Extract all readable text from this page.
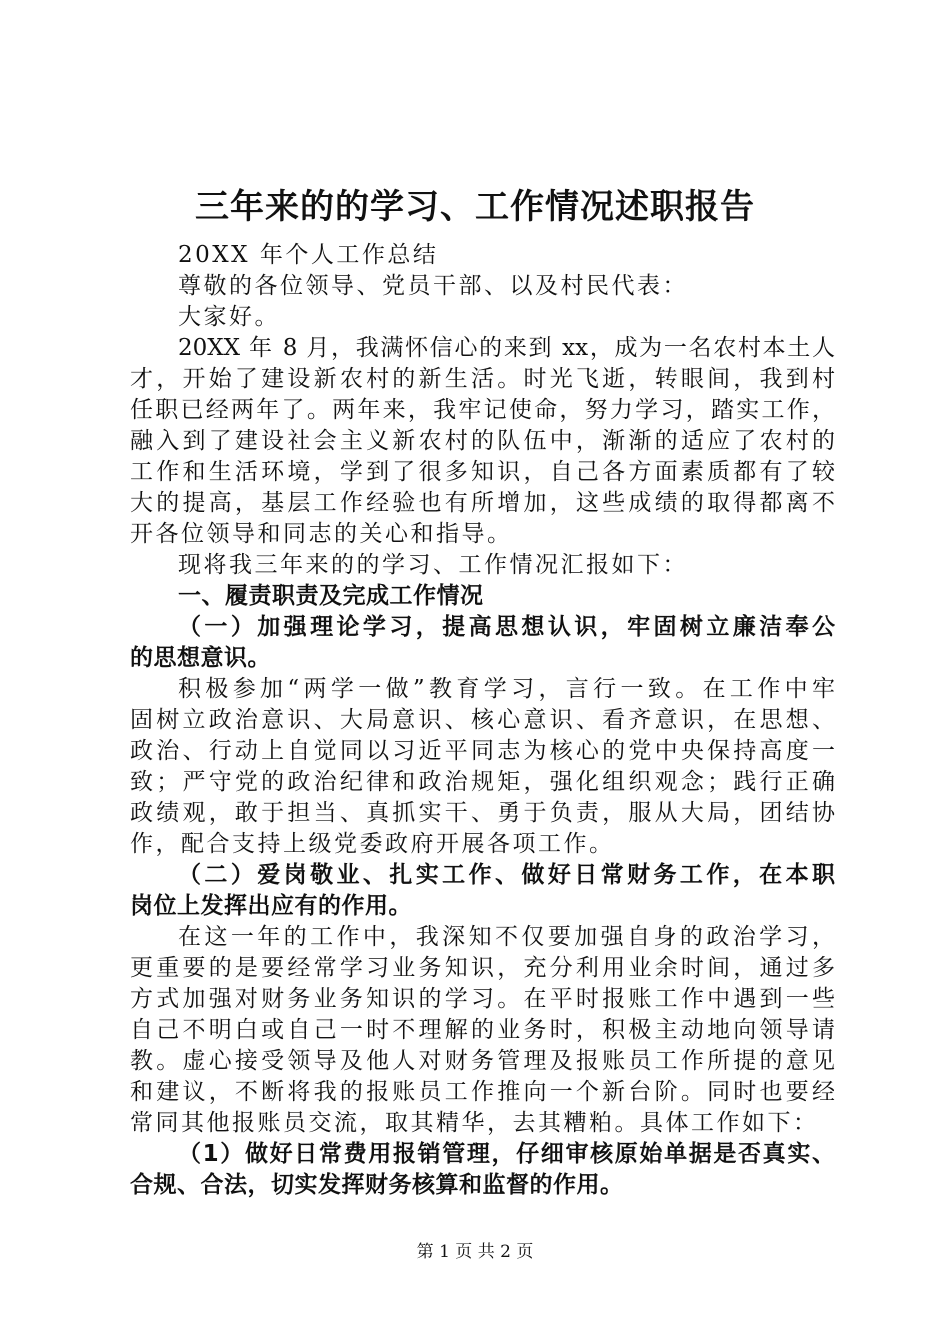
三年来的的学习、工作情况述职报告
20XX 年个人工作总结
尊敬的各位领导、党员干部、以及村民代表：
大家好。
20XX 年 8 月，我满怀信心的来到 xx，成为一名农村本土人
才，开始了建设新农村的新生活。时光飞逝，转眼间，我到村
任职已经两年了。两年来，我牢记使命，努力学习，踏实工作，
融入到了建设社会主义新农村的队伍中，渐渐的适应了农村的
工作和生活环境，学到了很多知识，自己各方面素质都有了较
大的提高，基层工作经验也有所增加，这些成绩的取得都离不
开各位领导和同志的关心和指导。
现将我三年来的的学习、工作情况汇报如下：
一、履责职责及完成工作情况
（一）加强理论学习，提高思想认识，牢固树立廉洁奉公
的思想意识。
积极参加“两学一做”教育学习，言行一致。在工作中牢
固树立政治意识、大局意识、核心意识、看齐意识，在思想、
政治、行动上自觉同以习近平同志为核心的党中央保持高度一
致；严守党的政治纪律和政治规矩，强化组织观念；践行正确
政绩观，敢于担当、真抓实干、勇于负责，服从大局，团结协
作，配合支持上级党委政府开展各项工作。
（二）爱岗敬业、扎实工作、做好日常财务工作，在本职
岗位上发挥出应有的作用。
在这一年的工作中，我深知不仅要加强自身的政治学习，
更重要的是要经常学习业务知识，充分利用业余时间，通过多
方式加强对财务业务知识的学习。在平时报账工作中遇到一些
自己不明白或自己一时不理解的业务时，积极主动地向领导请
教。虚心接受领导及他人对财务管理及报账员工作所提的意见
和建议，不断将我的报账员工作推向一个新台阶。同时也要经
常同其他报账员交流，取其精华，去其糟粕。具体工作如下：
（1）做好日常费用报销管理，仔细审核原始单据是否真实、
合规、合法，切实发挥财务核算和监督的作用。

第 1 页 共 2 页
